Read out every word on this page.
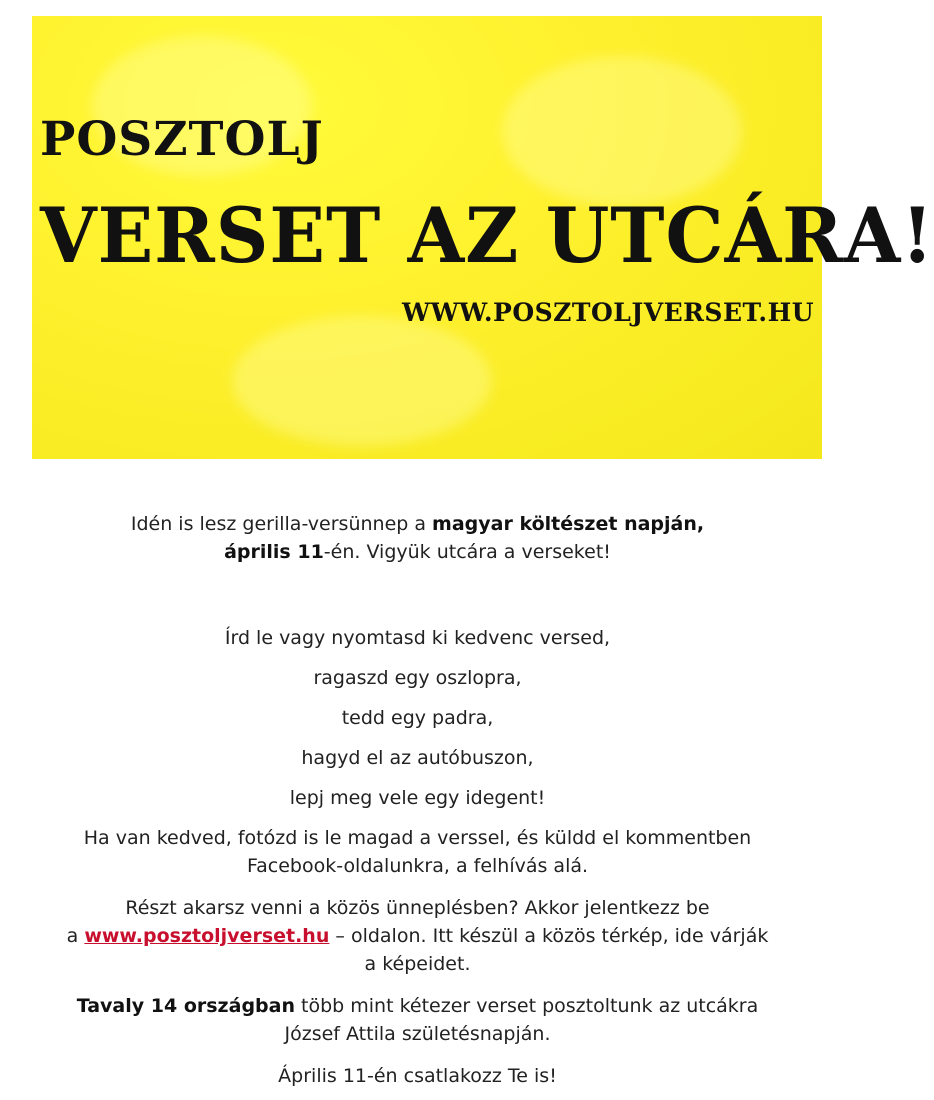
POSZTOLJ

VERSET AZ UTCÁRA!

WWW.POSZTOLJVERSET.HU

Idén is lesz gerilla-versünnep a magyar költészet napján,
április 11-én. Vigyük utcára a verseket!

Írd le vagy nyomtasd ki kedvenc versed,

ragaszd egy oszlopra,

tedd egy padra,

hagyd el az autóbuszon,

lepj meg vele egy idegent!

Ha van kedved, fotózd is le magad a verssel, és küldd el kommentben
Facebook-oldalunkra, a felhívás alá.

Részt akarsz venni a közös ünneplésben? Akkor jelentkezz be
a www.posztoljverset.hu – oldalon. Itt készül a közös térkép, ide várják
a képeidet.

Tavaly 14 országban több mint kétezer verset posztoltunk az utcákra
József Attila születésnapján.

Április 11-én csatlakozz Te is!
